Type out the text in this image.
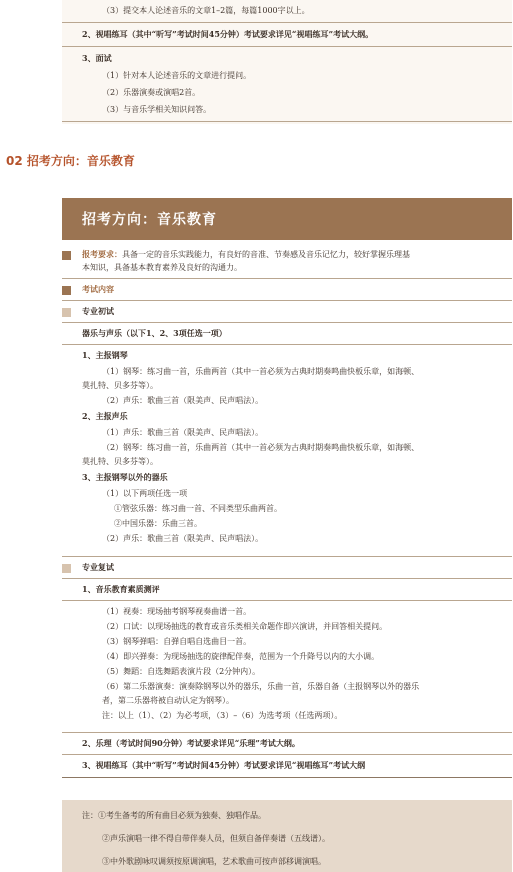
（3）提交本人论述音乐的文章1–2篇，每篇1000字以上。
2、视唱练耳（其中“听写”考试时间45分钟）考试要求详见“视唱练耳”考试大纲。
3、面试
（1）针对本人论述音乐的文章进行提问。
（2）乐器演奏或演唱2首。
（3）与音乐学相关知识问答。
02 招考方向：音乐教育
招考方向：音乐教育
报考要求：具备一定的音乐实践能力，有良好的音准、节奏感及音乐记忆力，较好掌握乐理基
本知识，具备基本教育素养及良好的沟通力。
考试内容
专业初试
器乐与声乐（以下1、2、3项任选一项）
1、主报钢琴
（1）钢琴：练习曲一首，乐曲两首（其中一首必须为古典时期奏鸣曲快板乐章，如海顿、
莫扎特、贝多芬等）。
（2）声乐：歌曲三首（限美声、民声唱法）。
2、主报声乐
（1）声乐：歌曲三首（限美声、民声唱法）。
（2）钢琴：练习曲一首，乐曲两首（其中一首必须为古典时期奏鸣曲快板乐章，如海顿、
莫扎特、贝多芬等）。
3、主报钢琴以外的器乐
（1）以下两项任选一项
①管弦乐器：练习曲一首、不同类型乐曲两首。
②中国乐器：乐曲三首。
（2）声乐：歌曲三首（限美声、民声唱法）。
专业复试
1、音乐教育素质测评
（1）视奏：现场抽考钢琴视奏曲谱一首。
（2）口试：以现场抽选的教育或音乐类相关命题作即兴演讲，并回答相关提问。
（3）钢琴弹唱：自弹自唱自选曲目一首。
（4）即兴弹奏：为现场抽选的旋律配伴奏，范围为一个升降号以内的大小调。
（5）舞蹈：自选舞蹈表演片段（2分钟内）。
（6）第二乐器演奏：演奏除钢琴以外的器乐，乐曲一首，乐器自备（主报钢琴以外的器乐
者，第二乐器将被自动认定为钢琴）。
注：以上（1）、（2）为必考项，（3）–（6）为选考项（任选两项）。
2、乐理（考试时间90分钟）考试要求详见“乐理”考试大纲。
3、视唱练耳（其中“听写”考试时间45分钟）考试要求详见“视唱练耳”考试大纲
注：①考生备考的所有曲目必须为独奏、独唱作品。
②声乐演唱一律不得自带伴奏人员，但须自备伴奏谱（五线谱）。
③中外歌剧咏叹调须按原调演唱，艺术歌曲可按声部移调演唱。
